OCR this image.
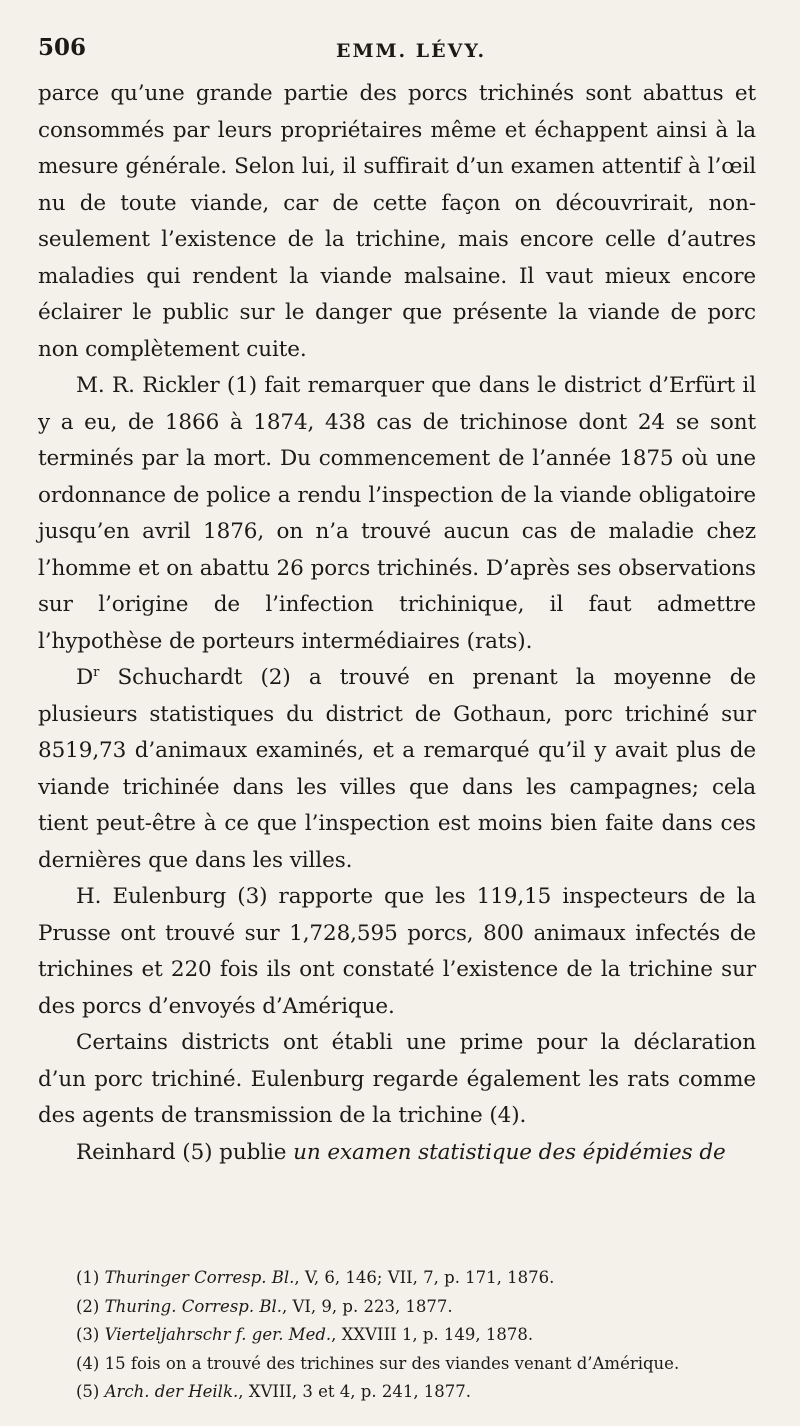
506	EMM. LÉVY.

parce qu’une grande partie des porcs trichinés sont abattus et consommés par leurs propriétaires même et échappent ainsi à la mesure générale. Selon lui, il suffirait d’un examen attentif à l’œil nu de toute viande, car de cette façon on découvrirait, non-seulement l’existence de la trichine, mais encore celle d’autres maladies qui rendent la viande malsaine. Il vaut mieux encore éclairer le public sur le danger que présente la viande de porc non complètement cuite.

M. R. Rickler (1) fait remarquer que dans le district d’Erfürt il y a eu, de 1866 à 1874, 438 cas de trichinose dont 24 se sont terminés par la mort. Du commencement de l’année 1875 où une ordonnance de police a rendu l’inspection de la viande obligatoire jusqu’en avril 1876, on n’a trouvé aucun cas de maladie chez l’homme et on abattu 26 porcs trichinés. D’après ses observations sur l’origine de l’infection trichinique, il faut admettre l’hypothèse de porteurs intermédiaires (rats).

$D^r$ Schuchardt (2) a trouvé en prenant la moyenne de plusieurs statistiques du district de Gothaun, porc trichiné sur 8519,73 d’animaux examinés, et a remarqué qu’il y avait plus de viande trichinée dans les villes que dans les campagnes; cela tient peut-être à ce que l’inspection est moins bien faite dans ces dernières que dans les villes.

H. Eulenburg (3) rapporte que les 119,15 inspecteurs de la Prusse ont trouvé sur 1,728,595 porcs, 800 animaux infectés de trichines et 220 fois ils ont constaté l’existence de la trichine sur des porcs d’envoyés d’Amérique.

Certains districts ont établi une prime pour la déclaration d’un porc trichiné. Eulenburg regarde également les rats comme des agents de transmission de la trichine (4).

Reinhard (5) publie un examen statistique des épidémies de

(1) Thuringer Corresp. Bl., V, 6, 146; VII, 7, p. 171, 1876.

(2) Thuring. Corresp. Bl., VI, 9, p. 223, 1877.

(3) Vierteljahrschr f. ger. Med., XXVIII 1, p. 149, 1878.

(4) 15 fois on a trouvé des trichines sur des viandes venant d’Amérique.

(5) Arch. der Heilk., XVIII, 3 et 4, p. 241, 1877.
